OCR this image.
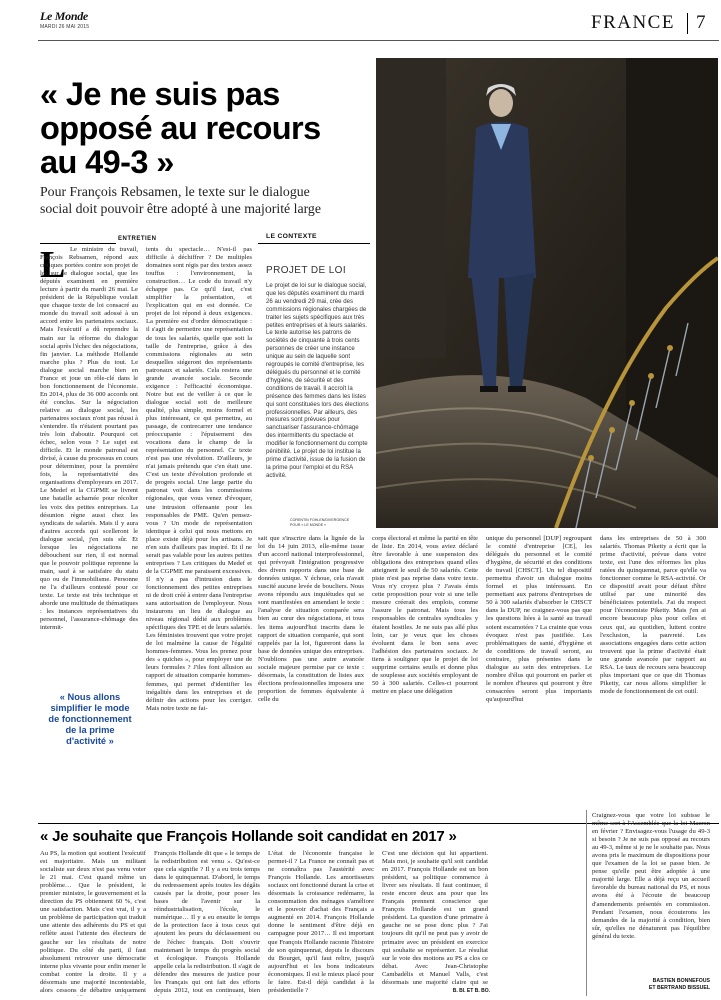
Le Monde
MARDI 26 MAI 2015	FRANCE 7
« Je ne suis pas
opposé au recours
au 49-3 »
Pour François Rebsamen, le texte sur le dialogue
social doit pouvoir être adopté à une majorité large
CORENTIN FOHLEN/DIVERGENCE
POUR « LE MONDE »
ENTRETIEN
L Le ministre du travail, François Rebsamen, répond aux critiques portées contre son projet de loi sur le dialogue social, que les députés examinent en première lecture à partir du mardi 26 mai. Le président de la République voulait que chaque texte de loi consacré au monde du travail soit adossé à un accord entre les partenaires sociaux. Mais l'exécutif a dû reprendre la main sur la réforme du dialogue social après l'échec des négociations, fin janvier. La méthode Hollande marche plus ? Plus du tout. Le dialogue social marche bien en France et joue un rôle-clé dans le bon fonctionnement de l'économie. En 2014, plus de 36 000 accords ont été conclus. Sur la négociation relative au dialogue social, les partenaires sociaux n'ont pas réussi à s'entendre. Ils n'étaient pourtant pas très loin d'aboutir. Pourquoi cet échec, selon vous ? Le sujet est difficile. Et le monde patronal est divisé, à cause du processus en cours pour déterminer, pour la première fois, la représentativité des organisations d'employeurs en 2017. Le Medef et la CGPME se livrent une bataille acharnée pour récolter les voix des petites entreprises. La désunion règne aussi chez les syndicats de salariés. Mais il y aura d'autres accords qui scelleront le dialogue social, j'en suis sûr. Et lorsque les négociations ne débouchent sur rien, il est normal que le pouvoir politique reprenne la main, sauf à se satisfaire du statu quo ou de l'immobilisme. Personne ne l'a d'ailleurs contesté pour ce texte. Le texte est très technique et aborde une multitude de thématiques : les instances représentatives du personnel, l'assurance-chômage des intermit-
tents du spectacle… N'est-il pas difficile à déchiffrer ? De multiples domaines sont régis par des textes assez touffus : l'environnement, la construction… Le code du travail n'y échappe pas. Ce qu'il faut, c'est simplifier la présentation, et l'explication qui en est donnée. Ce projet de loi répond à deux exigences. La première est d'ordre démocratique : il s'agit de permettre une représentation de tous les salariés, quelle que soit la taille de l'entreprise, grâce à des commissions régionales au sein desquelles siégeront des représentants patronaux et salariés. Cela restera une grande avancée sociale. Seconde exigence : l'efficacité économique. Notre but est de veiller à ce que le dialogue social soit de meilleure qualité, plus simple, moins formel et plus intéressant, ce qui permettra, au passage, de contrecarrer une tendance préoccupante : l'épuisement des vocations dans le champ de la représentation du personnel. Ce texte n'est pas une révolution. D'ailleurs, je n'ai jamais prétendu que c'en était une. C'est un texte d'évolution profonde et de progrès social. Une large partie du patronat voit dans les commissions régionales, que vous venez d'évoquer, une intrusion offensante pour les responsables de PME. Qu'en pensez-vous ? Un mode de représentation identique à celui qui nous mettons en place existe déjà pour les artisans. Je n'en suis d'ailleurs pas inspiré. Et il ne serait pas valable pour les autres petites entreprises ? Les critiques du Medef et de la CGPME me paraissent excessives. Il n'y a pas d'intrusion dans le fonctionnement des petites entreprises ni de droit créé à entrer dans l'entreprise sans autorisation de l'employeur. Nous instaurons un lieu de dialogue au niveau régional dédié aux problèmes spécifiques des TPE et de leurs salariés. Les féministes trouvent que votre projet de loi malmène la cause de l'égalité hommes-femmes. Vous les prenez pour des « quiches », pour employer une de leurs formules ? J'iles font allusion au rapport de situation comparée hommes-femmes, qui permet d'identifier les inégalités dans les entreprises et de définir des actions pour les corriger. Mais notre texte ne fai-
« Nous allons simplifier le mode de fonctionnement de la prime d'activité »
LE CONTEXTE
PROJET DE LOI
Le projet de loi sur le dialogue social, que les députés examinent du mardi 26 au vendredi 29 mai, crée des commissions régionales chargées de traiter les sujets spécifiques aux très petites entreprises et à leurs salariés. Le texte autorise les patrons de sociétés de cinquante à trois cents personnes de créer une instance unique au sein de laquelle sont regroupés le comité d'entreprise, les délégués du personnel et le comité d'hygiène, de sécurité et des conditions de travail. Il accroît la présence des femmes dans les listes qui sont constituées lors des élections professionnelles. Par ailleurs, des mesures sont prévues pour sanctuariser l'assurance-chômage des intermittents du spectacle et modifier le fonctionnement du compte pénibilité. Le projet de loi institue la prime d'activité, issue de la fusion de la prime pour l'emploi et du RSA activité.
sait que s'inscrire dans la lignée de la loi du 14 juin 2013, elle-même issue d'un accord national interprofessionnel, qui prévoyait l'intégration progressive des divers rapports dans une base de données unique. Y échoue, cela n'avait suscité aucune levée de boucliers. Nous avons répondu aux inquiétudes qui se sont manifestées en amendant le texte : l'analyse de situation comparée sera bien au cœur des négociations, et tous les items aujourd'hui inscrits dans le rapport de situation comparée, qui sont rappelés par la loi, figureront dans la base de données unique des entreprises. N'oublions pas une autre avancée sociale majeure permise par ce texte : désormais, la constitution de listes aux élections professionnelles imposera une proportion de femmes équivalente à celle du
corps électoral et même la parité en tête de liste. En 2014, vous aviez déclaré être favorable à une suspension des obligations des entreprises quand elles atteignent le seuil de 50 salariés. Cette piste n'est pas reprise dans votre texte. Vous n'y croyez plus ? J'avais émis cette proposition pour voir si une telle mesure créerait des emplois, comme l'assure le patronat. Mais tous les responsables de centrales syndicales y étaient hostiles. Je ne suis pas allé plus loin, car je veux que les choses évoluent dans le bon sens avec l'adhésion des partenaires sociaux. Je tiens à souligner que le projet de loi supprime certains seuils et donne plus de souplesse aux sociétés employant de 50 à 300 salariés. Celles-ci pourront mettre en place une délégation
unique du personnel [DUP] regroupant le comité d'entreprise [CE], les délégués du personnel et le comité d'hygiène, de sécurité et des conditions de travail [CHSCT]. Un tel dispositif permettra d'avoir un dialogue moins formel et plus intéressant. En permettant aux patrons d'entreprises de 50 à 300 salariés d'absorber le CHSCT dans la DUP, ne craignez-vous pas que les questions liées à la santé au travail soient escamotées ? La crainte que vous évoquez n'est pas justifiée. Les problématiques de santé, d'hygiène et de conditions de travail seront, au contraire, plus présentes dans le dialogue au sein des entreprises. Le nombre d'élus qui pourront en parler et le nombre d'heures qui pourront y être consacrées seront plus importants qu'aujourd'hui
dans les entreprises de 50 à 300 salariés. Thomas Piketty a écrit que la prime d'activité, prévue dans votre texte, est l'une des réformes les plus ratées du quinquennat, parce qu'elle va fonctionner comme le RSA-activité. Or ce dispositif avait pour défaut d'être utilisé par une minorité des bénéficiaires potentiels. J'ai du respect pour l'économiste Piketty. Mais j'en ai encore beaucoup plus pour celles et ceux qui, au quotidien, luttent contre l'exclusion, la pauvreté. Les associations engagées dans cette action trouvent que la prime d'activité était une grande avancée par rapport au RSA. Le taux de recours sera beaucoup plus important que ce que dit Thomas Piketty, car nous allons simplifier le mode de fonctionnement de cet outil.
« Je souhaite que François Hollande soit candidat en 2017 »
Au PS, la motion qui soutient l'exécutif est majoritaire. Mais un militant socialiste sur deux n'est pas venu voter le 21 mai. C'est quand même un problème… Que le président, le premier ministre, le gouvernement et la direction du PS obtiennent 60 %, c'est une satisfaction. Mais c'est vrai, il y a un problème de participation qui traduit une attente des adhérents du PS et qui reflète aussi l'attente des électeurs de gauche sur les résultats de notre politique. Du côté du parti, il faut absolument retrouver une démocratie interne plus vivante pour enfin mener le combat contre la droite. Il y a désormais une majorité incontestable, alors cessons de débattre uniquement
François Hollande dit que « le temps de la redistribution est venu ». Qu'est-ce que cela signifie ? Il y a eu trois temps dans le quinquennat. D'abord, le temps du redressement après toutes les dégâts causés par la droite, pour poser les bases de l'avenir sur la réindustrialisation, l'école, le numérique… Il y a eu ensuite le temps de la protection face à tous ceux qui ajoutent les peurs du déclassement ou de l'échec français. Doit s'ouvrir maintenant le temps du progrès social et écologique. François Hollande appelle cela la redistribution. Il s'agit de défendre des mesures de justice pour les Français qui ont fait des efforts depuis 2012, tout en continuant, bien
L'état de l'économie française le permet-il ? La France ne connaît pas et ne connaîtra pas l'austérité avec François Hollande. Les amortisseurs sociaux ont fonctionné durant la crise et désormais la croissance redémarre, la consommation des ménages s'améliore et le pouvoir d'achat des Français a augmenté en 2014. François Hollande donne le sentiment d'être déjà en campagne pour 2017… Il est important que François Hollande raconte l'histoire de son quinquennat, depuis le discours du Bourget, qu'il faut relire, jusqu'à aujourd'hui et les bons indicateurs économiques. Il est le mieux placé pour le faire. Est-il déjà candidat à la présidentielle ?
C'est une décision qui lui appartient. Mais moi, je souhaite qu'il soit candidat en 2017. François Hollande est un bon président, sa politique commence à livrer ses résultats. Il faut continuer, il reste encore deux ans pour que les Français prennent conscience que François Hollande est un grand président. La question d'une primaire à gauche ne se pose donc plus ? J'ai toujours dit qu'il ne peut pas y avoir de primaire avec un président en exercice qui souhaite se représenter. Le résultat sur le vote des motions au PS a clos ce débat. Avec Jean-Christophe Cambadélis et Manuel Valls, c'est désormais une majorité claire qui se
B. BI. ET B. BO.
Craignez-vous que votre loi subisse le même sort à l'Assemblée que la loi Macron en février ? Envisagez-vous l'usage du 49-3 si besoin ? Je ne suis pas opposé au recours au 49-3, même si je ne le souhaite pas. Nous avons pris le maximum de dispositions pour que l'examen de la loi se passe bien. Je pense qu'elle peut être adoptée à une majorité large. Elle a déjà reçu un accueil favorable du bureau national du PS, et nous avons été à l'écoute de beaucoup d'amendements présentés en commission. Pendant l'examen, nous écouterons les demandes de la majorité à condition, bien sûr, qu'elles ne dénaturent pas l'équilibre général du texte.
BASTIEN BONNEFOUS
ET BERTRAND BISSUEL
